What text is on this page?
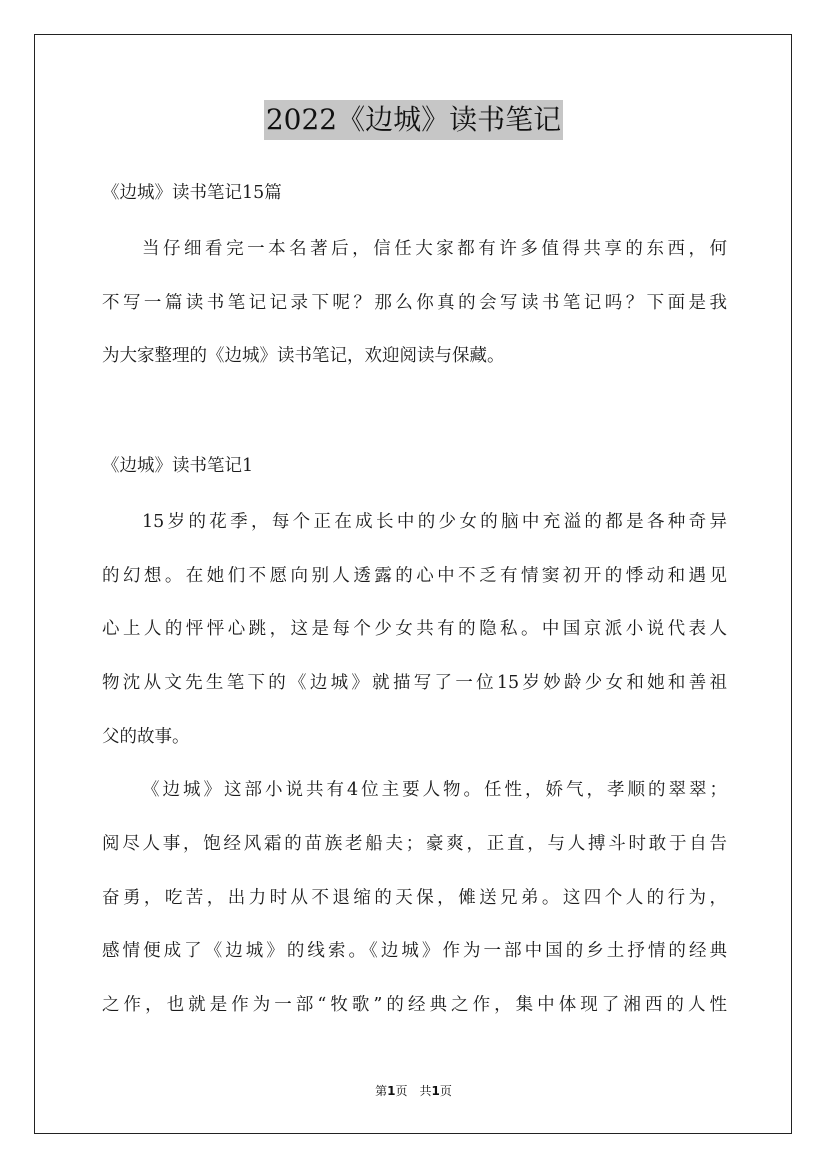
2022《边城》读书笔记
《边城》读书笔记15篇
当仔细看完一本名著后，信任大家都有许多值得共享的东西，何
不写一篇读书笔记记录下呢？那么你真的会写读书笔记吗？下面是我
为大家整理的《边城》读书笔记，欢迎阅读与保藏。
《边城》读书笔记1
15岁的花季，每个正在成长中的少女的脑中充溢的都是各种奇异
的幻想。在她们不愿向别人透露的心中不乏有情窦初开的悸动和遇见
心上人的怦怦心跳，这是每个少女共有的隐私。中国京派小说代表人
物沈从文先生笔下的《边城》就描写了一位15岁妙龄少女和她和善祖
父的故事。
《边城》这部小说共有4位主要人物。任性，娇气，孝顺的翠翠；
阅尽人事，饱经风霜的苗族老船夫；豪爽，正直，与人搏斗时敢于自告
奋勇，吃苦，出力时从不退缩的天保，傩送兄弟。这四个人的行为，
感情便成了《边城》的线索。《边城》作为一部中国的乡土抒情的经典
之作，也就是作为一部“牧歌”的经典之作，集中体现了湘西的人性
第1页　共1页
